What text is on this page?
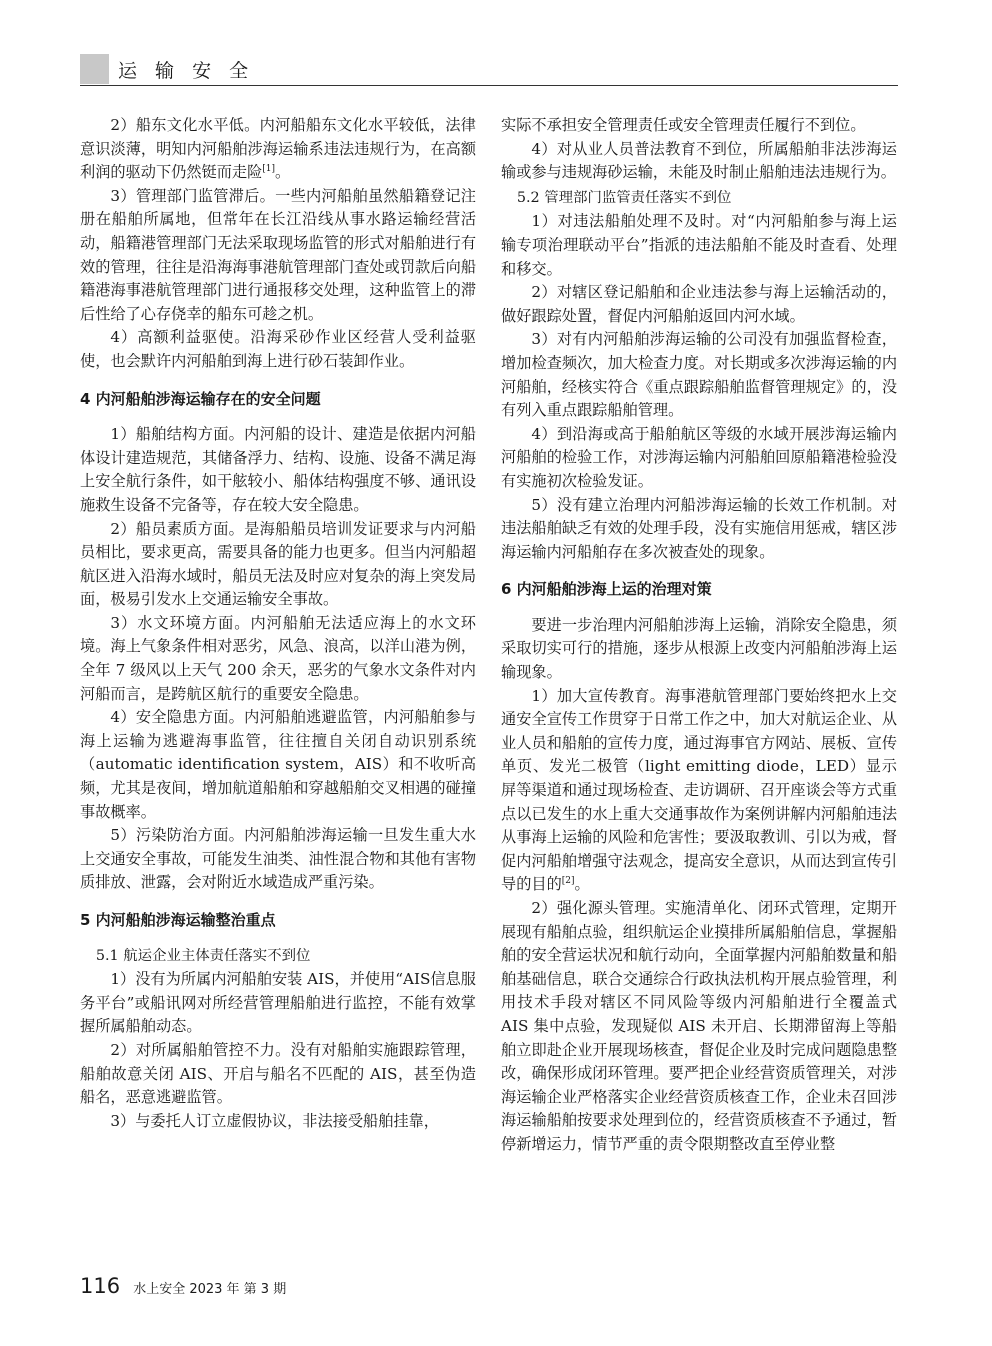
运 输 安 全

2）船东文化水平低。内河船船东文化水平较低，法律意识淡薄，明知内河船舶涉海运输系违法违规行为，在高额利润的驱动下仍然铤而走险[1]。

3）管理部门监管滞后。一些内河船舶虽然船籍登记注册在船舶所属地，但常年在长江沿线从事水路运输经营活动，船籍港管理部门无法采取现场监管的形式对船舶进行有效的管理，往往是沿海海事港航管理部门查处或罚款后向船籍港海事港航管理部门进行通报移交处理，这种监管上的滞后性给了心存侥幸的船东可趁之机。

4）高额利益驱使。沿海采砂作业区经营人受利益驱使，也会默许内河船舶到海上进行砂石装卸作业。

4 内河船舶涉海运输存在的安全问题

1）船舶结构方面。内河船的设计、建造是依据内河船体设计建造规范，其储备浮力、结构、设施、设备不满足海上安全航行条件，如干舷较小、船体结构强度不够、通讯设施救生设备不完备等，存在较大安全隐患。

2）船员素质方面。是海船船员培训发证要求与内河船员相比，要求更高，需要具备的能力也更多。但当内河船超航区进入沿海水域时，船员无法及时应对复杂的海上突发局面，极易引发水上交通运输安全事故。

3）水文环境方面。内河船舶无法适应海上的水文环境。海上气象条件相对恶劣，风急、浪高，以洋山港为例，全年 7 级风以上天气 200 余天，恶劣的气象水文条件对内河船而言，是跨航区航行的重要安全隐患。

4）安全隐患方面。内河船舶逃避监管，内河船舶参与海上运输为逃避海事监管，往往擅自关闭自动识别系统（automatic identification system，AIS）和不收听高频，尤其是夜间，增加航道船舶和穿越船舶交叉相遇的碰撞事故概率。

5）污染防治方面。内河船舶涉海运输一旦发生重大水上交通安全事故，可能发生油类、油性混合物和其他有害物质排放、泄露，会对附近水域造成严重污染。

5 内河船舶涉海运输整治重点
5.1 航运企业主体责任落实不到位

1）没有为所属内河船舶安装 AIS，并使用“AIS信息服务平台”或船讯网对所经营管理船舶进行监控，不能有效掌握所属船舶动态。

2）对所属船舶管控不力。没有对船舶实施跟踪管理，船舶故意关闭 AIS、开启与船名不匹配的 AIS，甚至伪造船名，恶意逃避监管。

3）与委托人订立虚假协议，非法接受船舶挂靠，

实际不承担安全管理责任或安全管理责任履行不到位。

4）对从业人员普法教育不到位，所属船舶非法涉海运输或参与违规海砂运输，未能及时制止船舶违法违规行为。

5.2 管理部门监管责任落实不到位

1）对违法船舶处理不及时。对“内河船舶参与海上运输专项治理联动平台”指派的违法船舶不能及时查看、处理和移交。

2）对辖区登记船舶和企业违法参与海上运输活动的，做好跟踪处置，督促内河船舶返回内河水域。

3）对有内河船舶涉海运输的公司没有加强监督检查，增加检查频次，加大检查力度。对长期或多次涉海运输的内河船舶，经核实符合《重点跟踪船舶监督管理规定》的，没有列入重点跟踪船舶管理。

4）到沿海或高于船舶航区等级的水域开展涉海运输内河船舶的检验工作，对涉海运输内河船舶回原船籍港检验没有实施初次检验发证。

5）没有建立治理内河船涉海运输的长效工作机制。对违法船舶缺乏有效的处理手段，没有实施信用惩戒，辖区涉海运输内河船舶存在多次被查处的现象。

6 内河船舶涉海上运的治理对策

要进一步治理内河船舶涉海上运输，消除安全隐患，须采取切实可行的措施，逐步从根源上改变内河船舶涉海上运输现象。

1）加大宣传教育。海事港航管理部门要始终把水上交通安全宣传工作贯穿于日常工作之中，加大对航运企业、从业人员和船舶的宣传力度，通过海事官方网站、展板、宣传单页、发光二极管（light emitting diode，LED）显示屏等渠道和通过现场检查、走访调研、召开座谈会等方式重点以已发生的水上重大交通事故作为案例讲解内河船舶违法从事海上运输的风险和危害性；要汲取教训、引以为戒，督促内河船舶增强守法观念，提高安全意识，从而达到宣传引导的目的[2]。

2）强化源头管理。实施清单化、闭环式管理，定期开展现有船舶点验，组织航运企业摸排所属船舶信息，掌握船舶的安全营运状况和航行动向，全面掌握内河船舶数量和船舶基础信息，联合交通综合行政执法机构开展点验管理，利用技术手段对辖区不同风险等级内河船舶进行全覆盖式 AIS 集中点验，发现疑似 AIS 未开启、长期滞留海上等船舶立即赴企业开展现场核查，督促企业及时完成问题隐患整改，确保形成闭环管理。要严把企业经营资质管理关，对涉海运输企业严格落实企业经营资质核查工作，企业未召回涉海运输船舶按要求处理到位的，经营资质核查不予通过，暂停新增运力，情节严重的责令限期整改直至停业整

116 水上安全 2023 年 第 3 期
